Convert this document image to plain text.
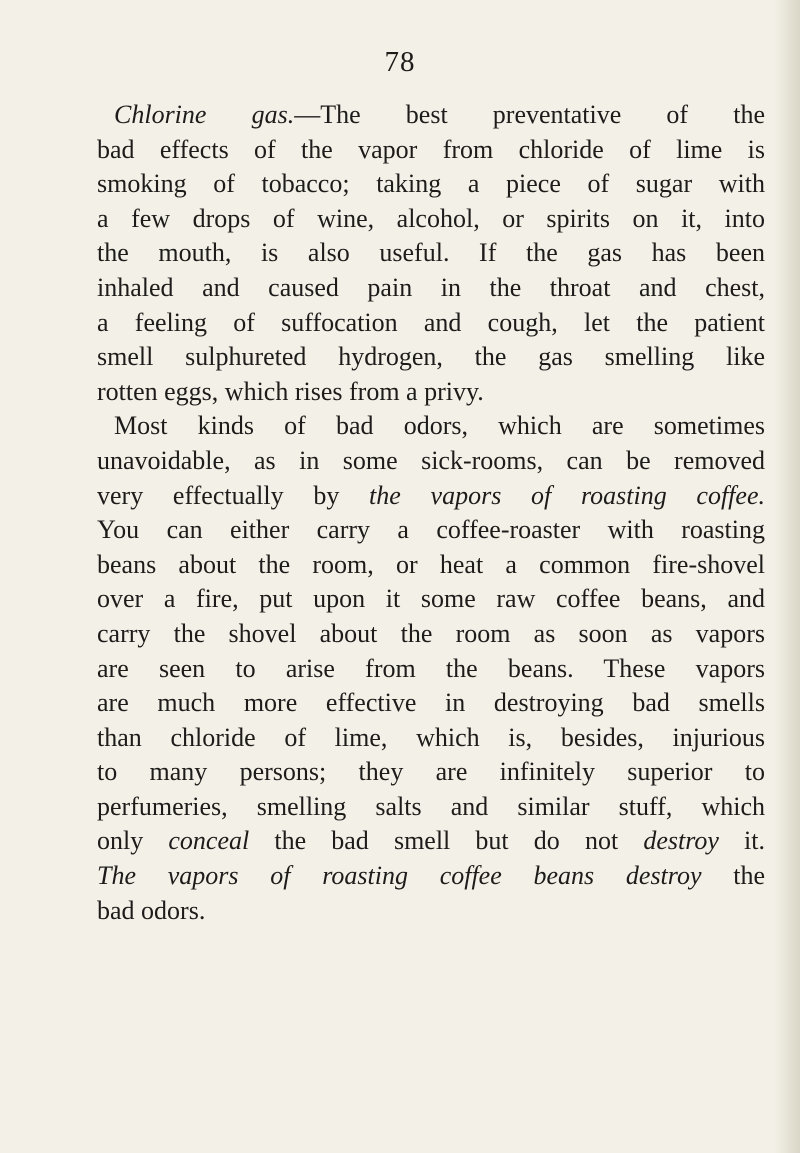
78
Chlorine gas.—The best preventative of the
bad effects of the vapor from chloride of lime is
smoking of tobacco; taking a piece of sugar with
a few drops of wine, alcohol, or spirits on it, into
the mouth, is also useful. If the gas has been
inhaled and caused pain in the throat and chest,
a feeling of suffocation and cough, let the patient
smell sulphureted hydrogen, the gas smelling like
rotten eggs, which rises from a privy.
Most kinds of bad odors, which are sometimes
unavoidable, as in some sick-rooms, can be removed
very effectually by the vapors of roasting coffee.
You can either carry a coffee-roaster with roasting
beans about the room, or heat a common fire-shovel
over a fire, put upon it some raw coffee beans, and
carry the shovel about the room as soon as vapors
are seen to arise from the beans. These vapors
are much more effective in destroying bad smells
than chloride of lime, which is, besides, injurious
to many persons; they are infinitely superior to
perfumeries, smelling salts and similar stuff, which
only conceal the bad smell but do not destroy it.
The vapors of roasting coffee beans destroy the
bad odors.
